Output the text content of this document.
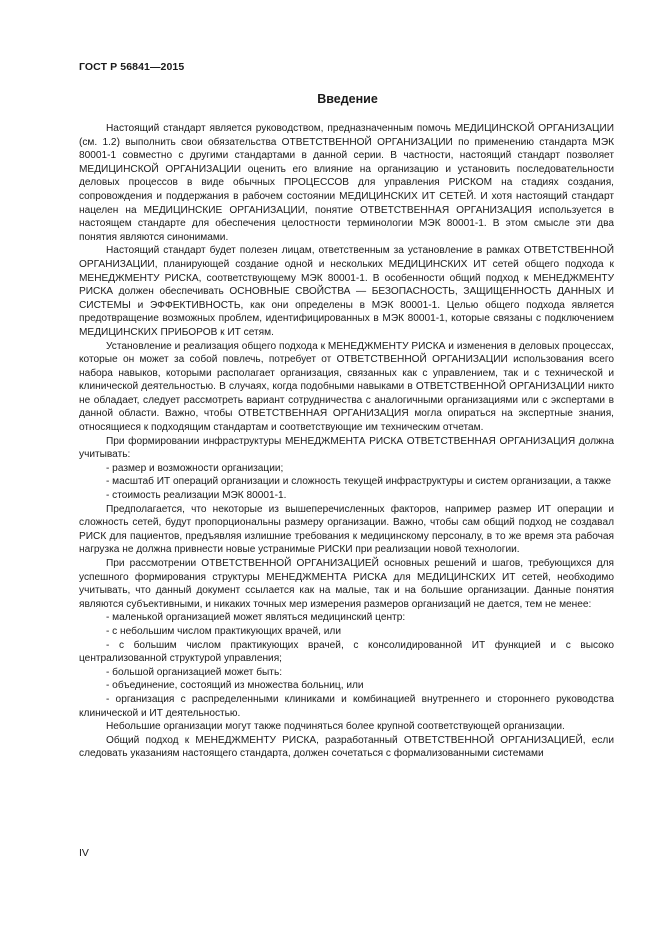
ГОСТ Р 56841—2015
Введение

Настоящий стандарт является руководством, предназначенным помочь МЕДИЦИНСКОЙ ОРГАНИЗАЦИИ (см. 1.2) выполнить свои обязательства ОТВЕТСТВЕННОЙ ОРГАНИЗАЦИИ по применению стандарта МЭК 80001-1 совместно с другими стандартами в данной серии. В частности, настоящий стандарт позволяет МЕДИЦИНСКОЙ ОРГАНИЗАЦИИ оценить его влияние на организацию и установить последовательности деловых процессов в виде обычных ПРОЦЕССОВ для управления РИСКОМ на стадиях создания, сопровождения и поддержания в рабочем состоянии МЕДИЦИНСКИХ ИТ СЕТЕЙ. И хотя настоящий стандарт нацелен на МЕДИЦИНСКИЕ ОРГАНИЗАЦИИ, понятие ОТВЕТСТВЕННАЯ ОРГАНИЗАЦИЯ используется в настоящем стандарте для обеспечения целостности терминологии МЭК 80001-1. В этом смысле эти два понятия являются синонимами.

Настоящий стандарт будет полезен лицам, ответственным за установление в рамках ОТВЕТСТВЕННОЙ ОРГАНИЗАЦИИ, планирующей создание одной и нескольких МЕДИЦИНСКИХ ИТ сетей общего подхода к МЕНЕДЖМЕНТУ РИСКА, соответствующему МЭК 80001-1. В особенности общий подход к МЕНЕДЖМЕНТУ РИСКА должен обеспечивать ОСНОВНЫЕ СВОЙСТВА — БЕЗОПАСНОСТЬ, ЗАЩИЩЕННОСТЬ ДАННЫХ И СИСТЕМЫ и ЭФФЕКТИВНОСТЬ, как они определены в МЭК 80001-1. Целью общего подхода является предотвращение возможных проблем, идентифицированных в МЭК 80001-1, которые связаны с подключением МЕДИЦИНСКИХ ПРИБОРОВ к ИТ сетям.

Установление и реализация общего подхода к МЕНЕДЖМЕНТУ РИСКА и изменения в деловых процессах, которые он может за собой повлечь, потребует от ОТВЕТСТВЕННОЙ ОРГАНИЗАЦИИ использования всего набора навыков, которыми располагает организация, связанных как с управлением, так и с технической и клинической деятельностью. В случаях, когда подобными навыками в ОТВЕТСТВЕННОЙ ОРГАНИЗАЦИИ никто не обладает, следует рассмотреть вариант сотрудничества с аналогичными организациями или с экспертами в данной области. Важно, чтобы ОТВЕТСТВЕННАЯ ОРГАНИЗАЦИЯ могла опираться на экспертные знания, относящиеся к подходящим стандартам и соответствующие им техническим отчетам.

При формировании инфраструктуры МЕНЕДЖМЕНТА РИСКА ОТВЕТСТВЕННАЯ ОРГАНИЗАЦИЯ должна учитывать:

- размер и возможности организации;

- масштаб ИТ операций организации и сложность текущей инфраструктуры и систем организации, а также

- стоимость реализации МЭК 80001-1.

Предполагается, что некоторые из вышеперечисленных факторов, например размер ИТ операции и сложность сетей, будут пропорциональны размеру организации. Важно, чтобы сам общий подход не создавал РИСК для пациентов, предъявляя излишние требования к медицинскому персоналу, в то же время эта рабочая нагрузка не должна привнести новые устранимые РИСКИ при реализации новой технологии.

При рассмотрении ОТВЕТСТВЕННОЙ ОРГАНИЗАЦИЕЙ основных решений и шагов, требующихся для успешного формирования структуры МЕНЕДЖМЕНТА РИСКА для МЕДИЦИНСКИХ ИТ сетей, необходимо учитывать, что данный документ ссылается как на малые, так и на большие организации. Данные понятия являются субъективными, и никаких точных мер измерения размеров организаций не дается, тем не менее:

- маленькой организацией может являться медицинский центр:

- с небольшим числом практикующих врачей, или

- с большим числом практикующих врачей, с консолидированной ИТ функцией и с высоко централизованной структурой управления;

- большой организацией может быть:

- объединение, состоящий из множества больниц, или

- организация с распределенными клиниками и комбинацией внутреннего и стороннего руководства клинической и ИТ деятельностью.

Небольшие организации могут также подчиняться более крупной соответствующей организации.

Общий подход к МЕНЕДЖМЕНТУ РИСКА, разработанный ОТВЕТСТВЕННОЙ ОРГАНИЗАЦИЕЙ, если следовать указаниям настоящего стандарта, должен сочетаться с формализованными системами

IV
